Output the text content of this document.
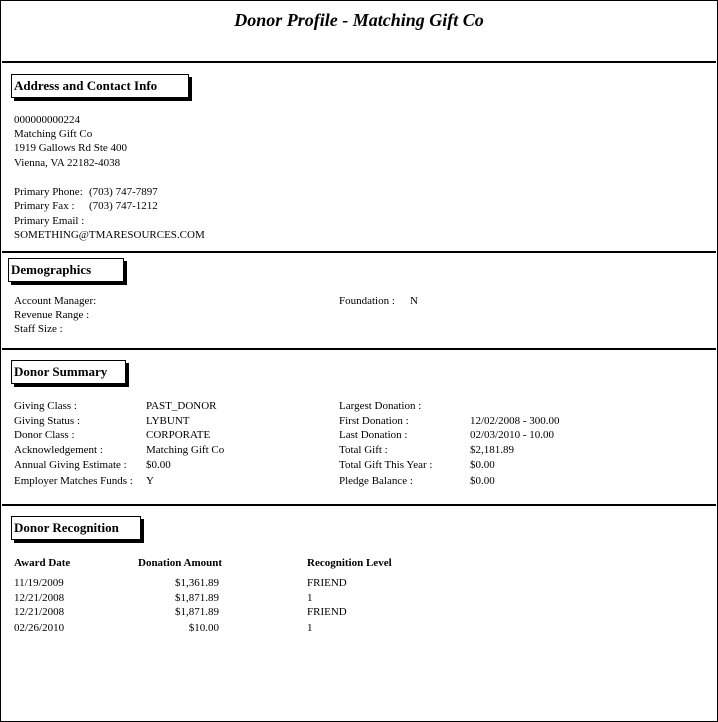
Donor Profile - Matching Gift Co
Address and Contact Info
000000000224
Matching Gift Co
1919 Gallows Rd Ste 400
Vienna, VA 22182-4038
Primary Phone: (703) 747-7897
Primary Fax : (703) 747-1212
Primary Email :
SOMETHING@TMARESOURCES.COM
Demographics
Account Manager:
Revenue Range :
Staff Size :
Foundation : N
Donor Summary
Giving Class :	PAST_DONOR
Giving Status :	LYBUNT
Donor Class :	CORPORATE
Acknowledgement :	Matching Gift Co
Annual Giving Estimate : $0.00
Employer Matches Funds : Y
Largest Donation :
First Donation :	12/02/2008 - 300.00
Last Donation :	02/03/2010 - 10.00
Total Gift :	$2,181.89
Total Gift This Year :	$0.00
Pledge Balance :	$0.00
Donor Recognition
Award Date	Donation Amount	Recognition Level
11/19/2009	$1,361.89	FRIEND
12/21/2008	$1,871.89	1
12/21/2008	$1,871.89	FRIEND
02/26/2010	$10.00	1
